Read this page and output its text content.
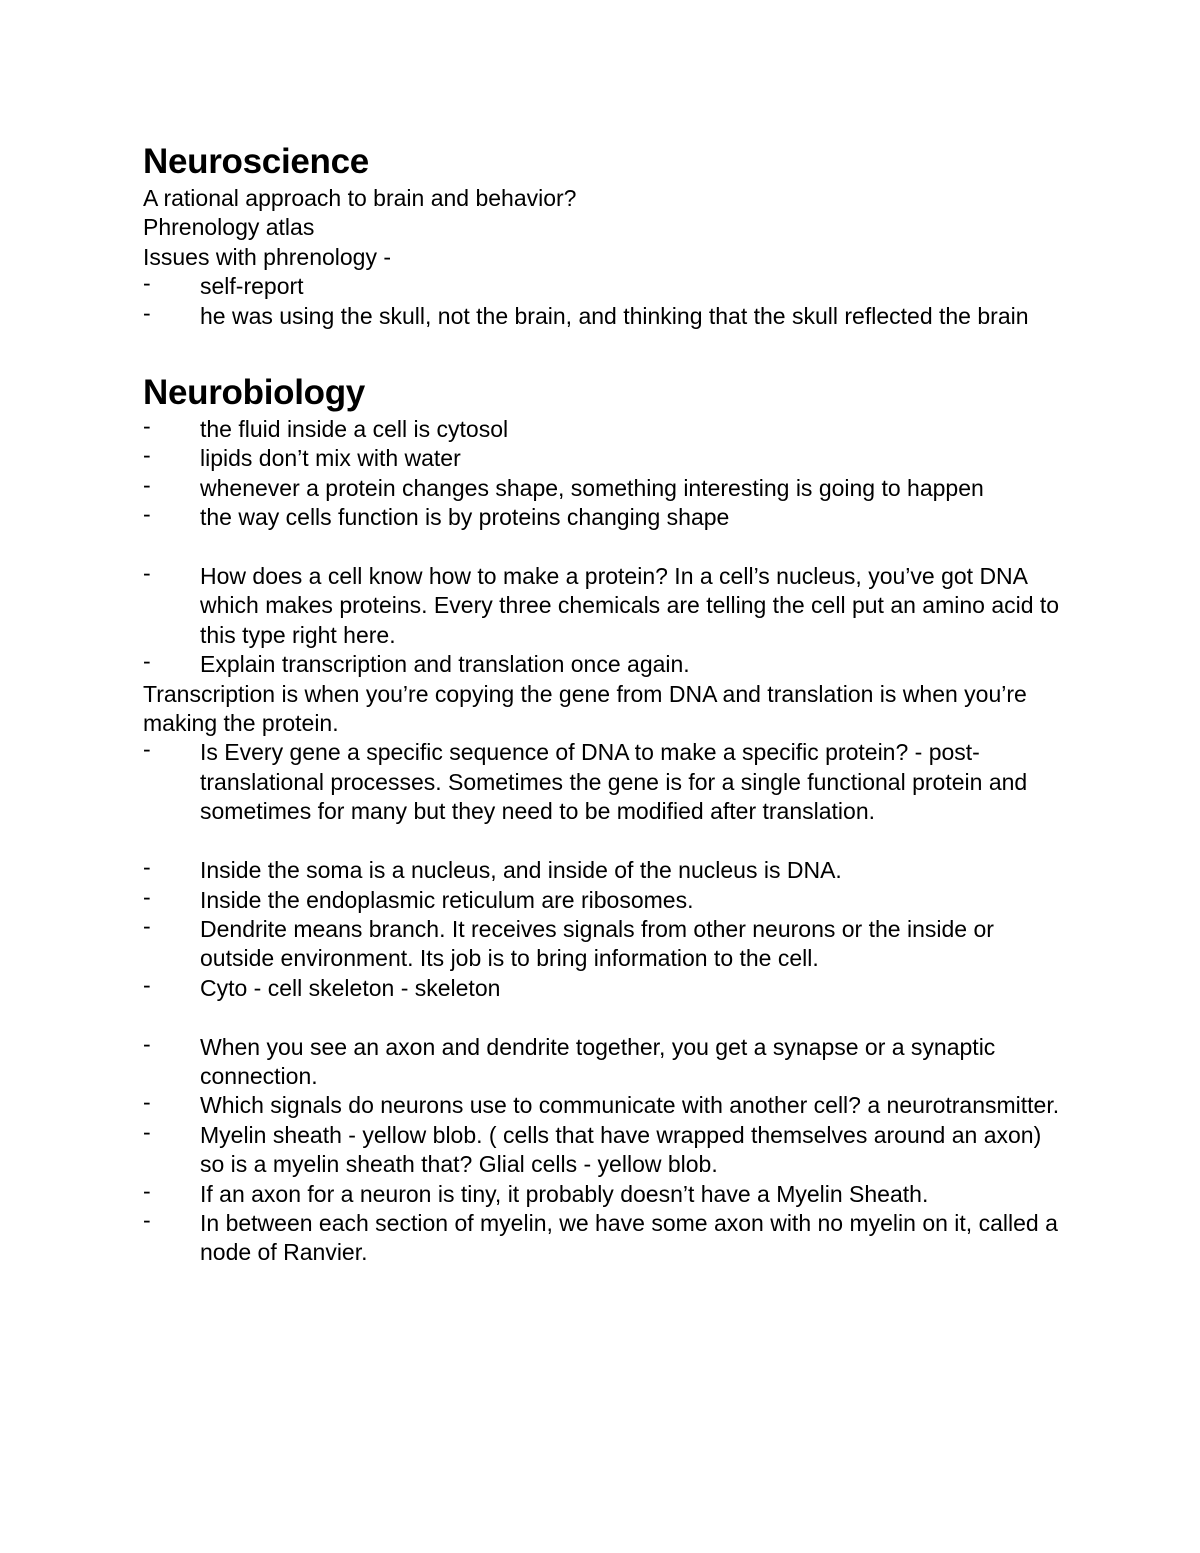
Neuroscience

A rational approach to brain and behavior?

Phrenology atlas

Issues with phrenology -

- self-report
- he was using the skull, not the brain, and thinking that the skull reflected the brain
Neurobiology
- the fluid inside a cell is cytosol
- lipids don’t mix with water
- whenever a protein changes shape, something interesting is going to happen
- the way cells function is by proteins changing shape
- How does a cell know how to make a protein? In a cell’s nucleus, you’ve got DNA which makes proteins. Every three chemicals are telling the cell put an amino acid to this type right here.
- Explain transcription and translation once again.

Transcription is when you’re copying the gene from DNA and translation is when you’re making the protein.

- Is Every gene a specific sequence of DNA to make a specific protein? - post-translational processes. Sometimes the gene is for a single functional protein and sometimes for many but they need to be modified after translation.
- Inside the soma is a nucleus, and inside of the nucleus is DNA.
- Inside the endoplasmic reticulum are ribosomes.
- Dendrite means branch. It receives signals from other neurons or the inside or outside environment. Its job is to bring information to the cell.
- Cyto - cell skeleton - skeleton
- When you see an axon and dendrite together, you get a synapse or a synaptic connection.
- Which signals do neurons use to communicate with another cell? a neurotransmitter.
- Myelin sheath - yellow blob. ( cells that have wrapped themselves around an axon) so is a myelin sheath that? Glial cells - yellow blob.
- If an axon for a neuron is tiny, it probably doesn’t have a Myelin Sheath.
- In between each section of myelin, we have some axon with no myelin on it, called a node of Ranvier.
